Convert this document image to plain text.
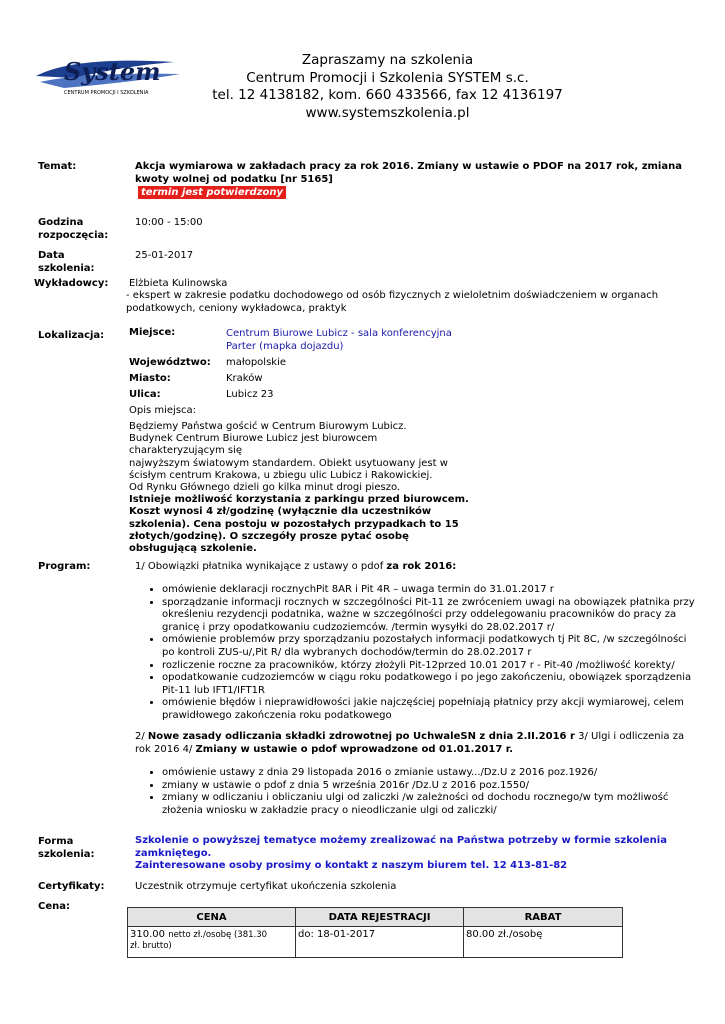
System
CENTRUM PROMOCJI I SZKOLENIA
Zapraszamy na szkolenia
Centrum Promocji i Szkolenia SYSTEM s.c.
tel. 12 4138182, kom. 660 433566, fax 12 4136197
www.systemszkolenia.pl
Temat:	Akcja wymiarowa w zakładach pracy za rok 2016. Zmiany w ustawie o PDOF na 2017 rok, zmiana kwoty wolnej od podatku [nr 5165]
termin jest potwierdzony
Godzina
rozpoczęcia:
10:00 - 15:00
Data
szkolenia:
25-01-2017
Wykładowcy:	Elżbieta Kulinowska
- ekspert w zakresie podatku dochodowego od osób fizycznych z wieloletnim doświadczeniem w organach podatkowych, ceniony wykładowca, praktyk
Lokalizacja:	Miejsce:	Centrum Biurowe Lubicz - sala konferencyjna
Parter (mapka dojazdu)
Województwo: małopolskie
Miasto:	Kraków
Ulica:	Lubicz 23
Opis miejsca:
Będziemy Państwa gościć w Centrum Biurowym Lubicz.
Budynek Centrum Biurowe Lubicz jest biurowcem
charakteryzującym się
najwyższym światowym standardem. Obiekt usytuowany jest w
ścisłym centrum Krakowa, u zbiegu ulic Lubicz i Rakowickiej.
Od Rynku Głównego dzieli go kilka minut drogi pieszo.
Istnieje możliwość korzystania z parkingu przed biurowcem.
Koszt wynosi 4 zł/godzinę (wyłącznie dla uczestników
szkolenia). Cena postoju w pozostałych przypadkach to 15
złotych/godzinę). O szczegóły prosze pytać osobę
obsługującą szkolenie.
Program:	1/ Obowiązki płatnika wynikające z ustawy o pdof za rok 2016:
• omówienie deklaracji rocznychPit 8AR i Pit 4R – uwaga termin do 31.01.2017 r
• sporządzanie informacji rocznych w szczególności Pit-11 ze zwróceniem uwagi na obowiązek płatnika przy określeniu rezydencji podatnika, ważne w szczególności przy oddelegowaniu pracowników do pracy za granicę i przy opodatkowaniu cudzoziemców. /termin wysyłki do 28.02.2017 r/
• omówienie problemów przy sporządzaniu pozostałych informacji podatkowych tj Pit 8C, /w szczególności po kontroli ZUS-u/,Pit R/ dla wybranych dochodów/termin do 28.02.2017 r
• rozliczenie roczne za pracowników, którzy złożyli Pit-12przed 10.01 2017 r - Pit-40 /możliwość korekty/
• opodatkowanie cudzoziemców w ciągu roku podatkowego i po jego zakończeniu, obowiązek sporządzenia Pit-11 lub IFT1/IFT1R
• omówienie błędów i nieprawidłowości jakie najczęściej popełniają płatnicy przy akcji wymiarowej, celem prawidłowego zakończenia roku podatkowego
2/ Nowe zasady odliczania składki zdrowotnej po UchwaleSN z dnia 2.II.2016 r 3/ Ulgi i odliczenia za rok 2016 4/ Zmiany w ustawie o pdof wprowadzone od 01.01.2017 r.
• omówienie ustawy z dnia 29 listopada 2016 o zmianie ustawy.../Dz.U z 2016 poz.1926/
• zmiany w ustawie o pdof z dnia 5 września 2016r /Dz.U z 2016 poz.1550/
• zmiany w odliczaniu i obliczaniu ulgi od zaliczki /w zależności od dochodu rocznego/w tym możliwość złożenia wniosku w zakładzie pracy o nieodliczanie ulgi od zaliczki/
Forma
szkolenia:
Szkolenie o powyższej tematyce możemy zrealizować na Państwa potrzeby w formie szkolenia zamkniętego.
Zainteresowane osoby prosimy o kontakt z naszym biurem tel. 12 413-81-82
Certyfikaty:	Uczestnik otrzymuje certyfikat ukończenia szkolenia
Cena:
CENA	DATA REJESTRACJI	RABAT
310.00 netto zł./osobę (381.30
zł. brutto)	do: 18-01-2017	80.00 zł./osobę
